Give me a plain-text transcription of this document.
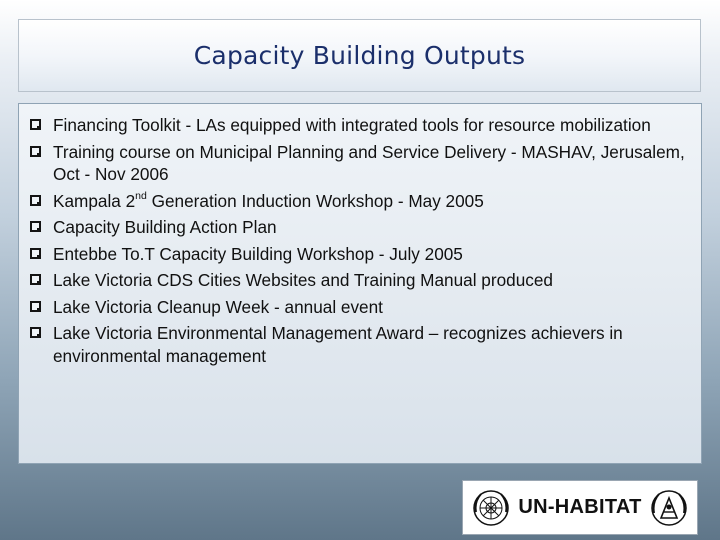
Capacity Building Outputs
Financing Toolkit - LAs equipped with integrated tools for resource mobilization
Training course on Municipal Planning and Service Delivery - MASHAV, Jerusalem, Oct - Nov 2006
Kampala 2nd Generation Induction Workshop - May 2005
Capacity Building Action Plan
Entebbe To.T Capacity Building Workshop - July 2005
Lake Victoria CDS Cities Websites and Training Manual produced
Lake Victoria Cleanup Week - annual event
Lake Victoria Environmental Management Award – recognizes achievers in environmental management
UN-HABITAT
